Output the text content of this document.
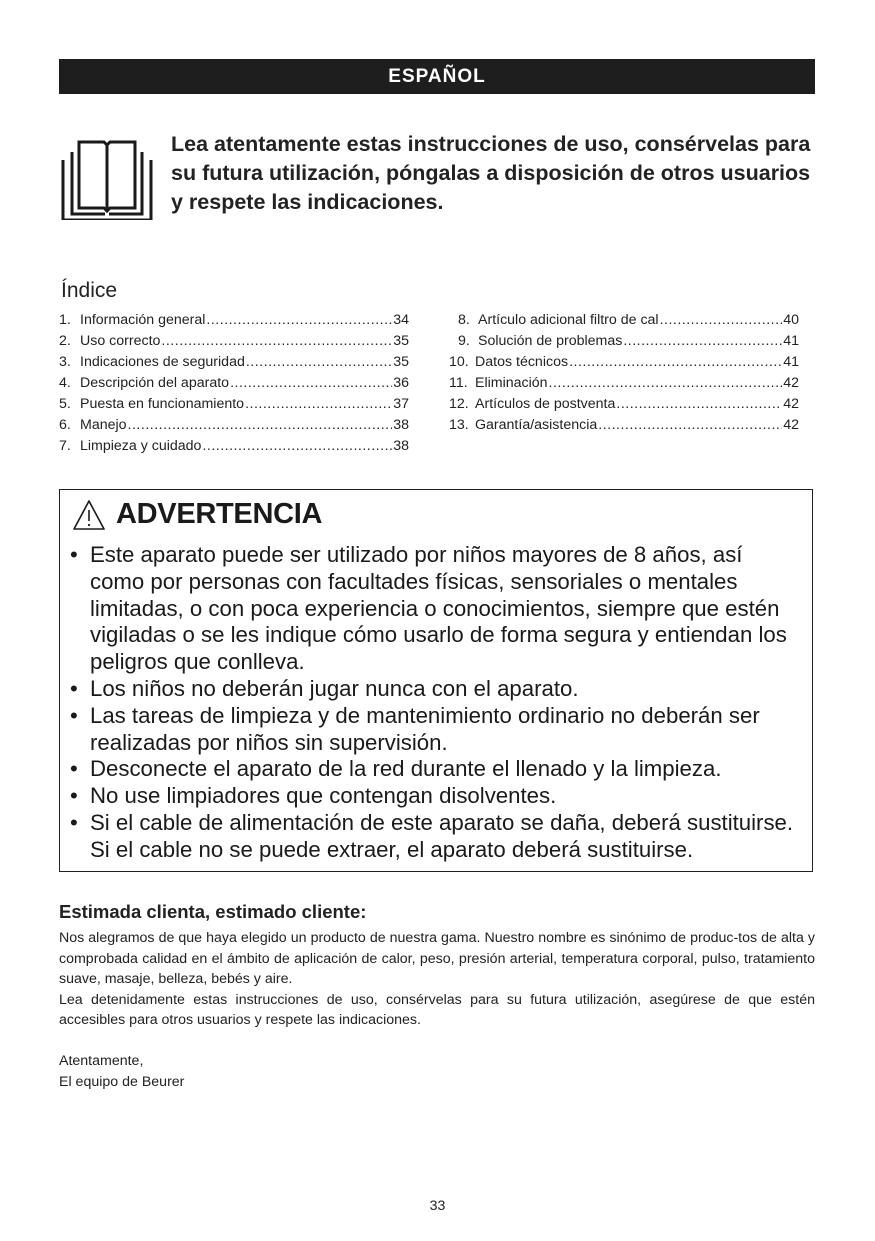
ESPAÑOL
Lea atentamente estas instrucciones de uso, consérvelas para
su futura utilización, póngalas a disposición de otros usuarios
y respete las indicaciones.
Índice
1. Información general .....	34
2. Uso correcto .....	35
3. Indicaciones de seguridad .....	35
4. Descripción del aparato .....	36
5. Puesta en funcionamiento .....	37
6. Manejo .....	38
7. Limpieza y cuidado .....	38
8. Artículo adicional filtro de cal .....	40
9. Solución de problemas .....	41
10. Datos técnicos .....	41
11. Eliminación .....	42
12. Artículos de postventa .....	42
13. Garantía/asistencia .....	42
ADVERTENCIA
• Este aparato puede ser utilizado por niños mayores de 8 años, así
como por personas con facultades físicas, sensoriales o mentales
limitadas, o con poca experiencia o conocimientos, siempre que estén
vigiladas o se les indique cómo usarlo de forma segura y entiendan los
peligros que conlleva.
• Los niños no deberán jugar nunca con el aparato.
• Las tareas de limpieza y de mantenimiento ordinario no deberán ser
realizadas por niños sin supervisión.
• Desconecte el aparato de la red durante el llenado y la limpieza.
• No use limpiadores que contengan disolventes.
• Si el cable de alimentación de este aparato se daña, deberá sustituirse.
Si el cable no se puede extraer, el aparato deberá sustituirse.
Estimada clienta, estimado cliente:

Nos alegramos de que haya elegido un producto de nuestra gama. Nuestro nombre es sinónimo de produc-tos de alta y comprobada calidad en el ámbito de aplicación de calor, peso, presión arterial, temperatura corporal, pulso, tratamiento suave, masaje, belleza, bebés y aire.

Lea detenidamente estas instrucciones de uso, consérvelas para su futura utilización, asegúrese de que estén accesibles para otros usuarios y respete las indicaciones.

Atentamente,
El equipo de Beurer
33
